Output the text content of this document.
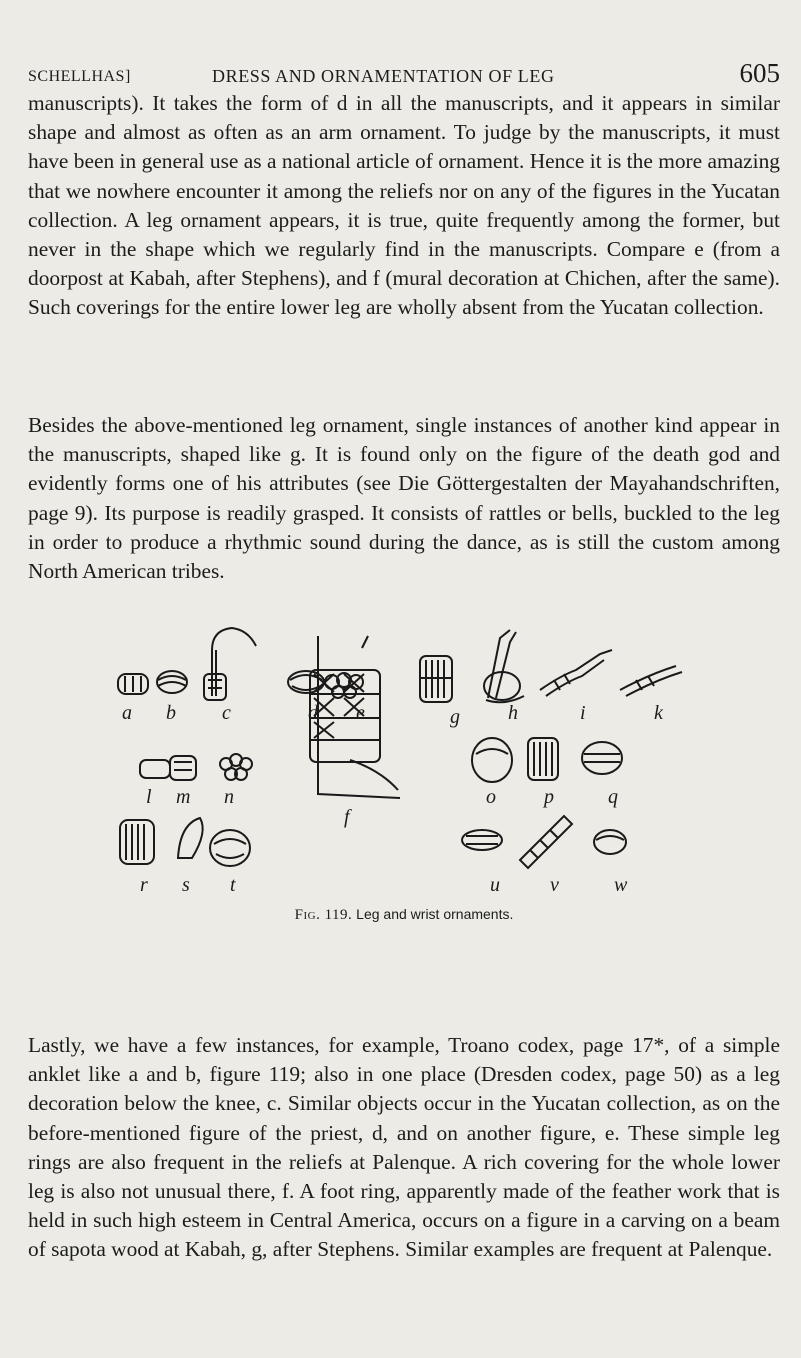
SCHELLHAS]	DRESS AND ORNAMENTATION OF LEG	605

manuscripts). It takes the form of d in all the manuscripts, and it appears in similar shape and almost as often as an arm ornament. To judge by the manuscripts, it must have been in general use as a national article of ornament. Hence it is the more amazing that we nowhere encounter it among the reliefs nor on any of the figures in the Yucatan collection. A leg ornament appears, it is true, quite frequently among the former, but never in the shape which we regularly find in the manuscripts. Compare e (from a doorpost at Kabah, after Stephens), and f (mural decoration at Chichen, after the same). Such coverings for the entire lower leg are wholly absent from the Yucatan collection.

Besides the above-mentioned leg ornament, single instances of another kind appear in the manuscripts, shaped like g. It is found only on the figure of the death god and evidently forms one of his attributes (see Die Göttergestalten der Mayahandschriften, page 9). Its purpose is readily grasped. It consists of rattles or bells, buckled to the leg in order to produce a rhythmic sound during the dance, as is still the custom among North American tribes.

a b c	d e
f
g h	i	k
l m n	o p	q
r s t	u	v	w
Fig. 119. Leg and wrist ornaments.

Lastly, we have a few instances, for example, Troano codex, page 17*, of a simple anklet like a and b, figure 119; also in one place (Dresden codex, page 50) as a leg decoration below the knee, c. Similar objects occur in the Yucatan collection, as on the before-mentioned figure of the priest, d, and on another figure, e. These simple leg rings are also frequent in the reliefs at Palenque. A rich covering for the whole lower leg is also not unusual there, f. A foot ring, apparently made of the feather work that is held in such high esteem in Central America, occurs on a figure in a carving on a beam of sapota wood at Kabah, g, after Stephens. Similar examples are frequent at Palenque.
